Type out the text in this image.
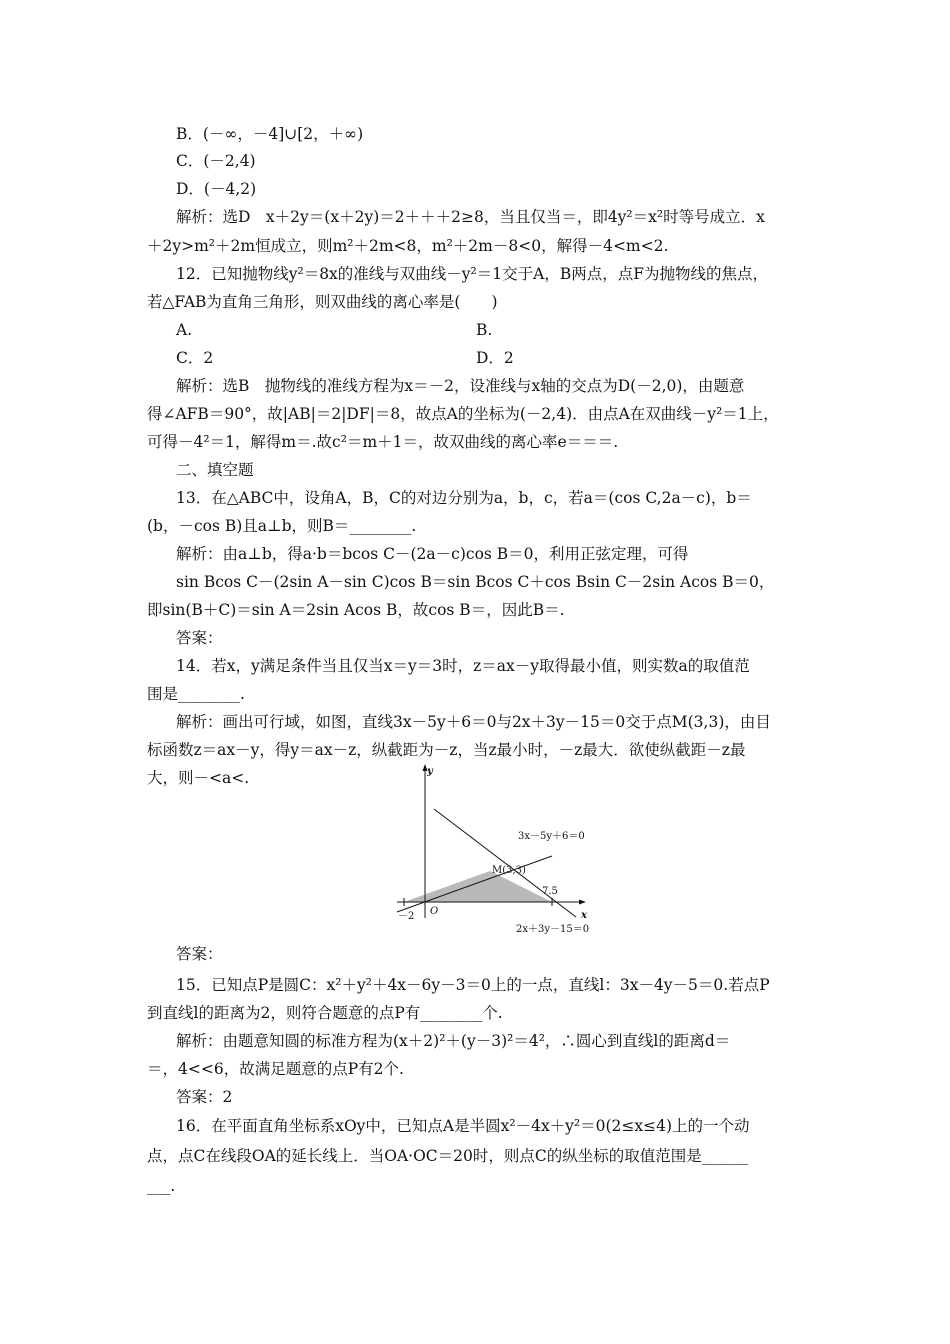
B．(－∞，－4]∪[2，＋∞)
C．(－2,4)
D．(－4,2)
解析：选D　x＋2y＝(x＋2y)＝2＋＋＋2≥8，当且仅当＝，即4y²＝x²时等号成立．x
＋2y>m²＋2m恒成立，则m²＋2m<8，m²＋2m－8<0，解得－4<m<2.
12．已知抛物线y²＝8x的准线与双曲线－y²＝1交于A，B两点，点F为抛物线的焦点，
若△FAB为直角三角形，则双曲线的离心率是(　　)
A.	B.
C．2	D．2
解析：选B　抛物线的准线方程为x＝－2，设准线与x轴的交点为D(－2,0)，由题意
得∠AFB＝90°，故|AB|＝2|DF|＝8，故点A的坐标为(－2,4)．由点A在双曲线－y²＝1上，
可得－4²＝1，解得m＝.故c²＝m＋1＝，故双曲线的离心率e＝＝＝.
二、填空题
13．在△ABC中，设角A，B，C的对边分别为a，b，c，若a＝(cos C,2a－c)，b＝
(b，－cos B)且a⊥b，则B＝________.
解析：由a⊥b，得a·b＝bcos C－(2a－c)cos B＝0，利用正弦定理，可得
sin Bcos C－(2sin A－sin C)cos B＝sin Bcos C＋cos Bsin C－2sin Acos B＝0，
即sin(B＋C)＝sin A＝2sin Acos B，故cos B＝，因此B＝.
答案：
14．若x，y满足条件当且仅当x＝y＝3时，z＝ax－y取得最小值，则实数a的取值范
围是________.
解析：画出可行域，如图，直线3x－5y＋6＝0与2x＋3y－15＝0交于点M(3,3)，由目
标函数z＝ax－y，得y＝ax－z，纵截距为－z，当z最小时，－z最大．欲使纵截距－z最
大，则－<a<.	y
x
O
－2
3x－5y＋6＝0
2x＋3y－15＝0
M(3,3)
7.5
答案：
15．已知点P是圆C：x²＋y²＋4x－6y－3＝0上的一点，直线l：3x－4y－5＝0.若点P
到直线l的距离为2，则符合题意的点P有________个.
解析：由题意知圆的标准方程为(x＋2)²＋(y－3)²＝4²，∴圆心到直线l的距离d＝
＝，4<<6，故满足题意的点P有2个.
答案：2
16．在平面直角坐标系xOy中，已知点A是半圆x²－4x＋y²＝0(2≤x≤4)上的一个动
点，点C在线段OA的延长线上．当OA·OC＝20时，则点C的纵坐标的取值范围是______
___.
